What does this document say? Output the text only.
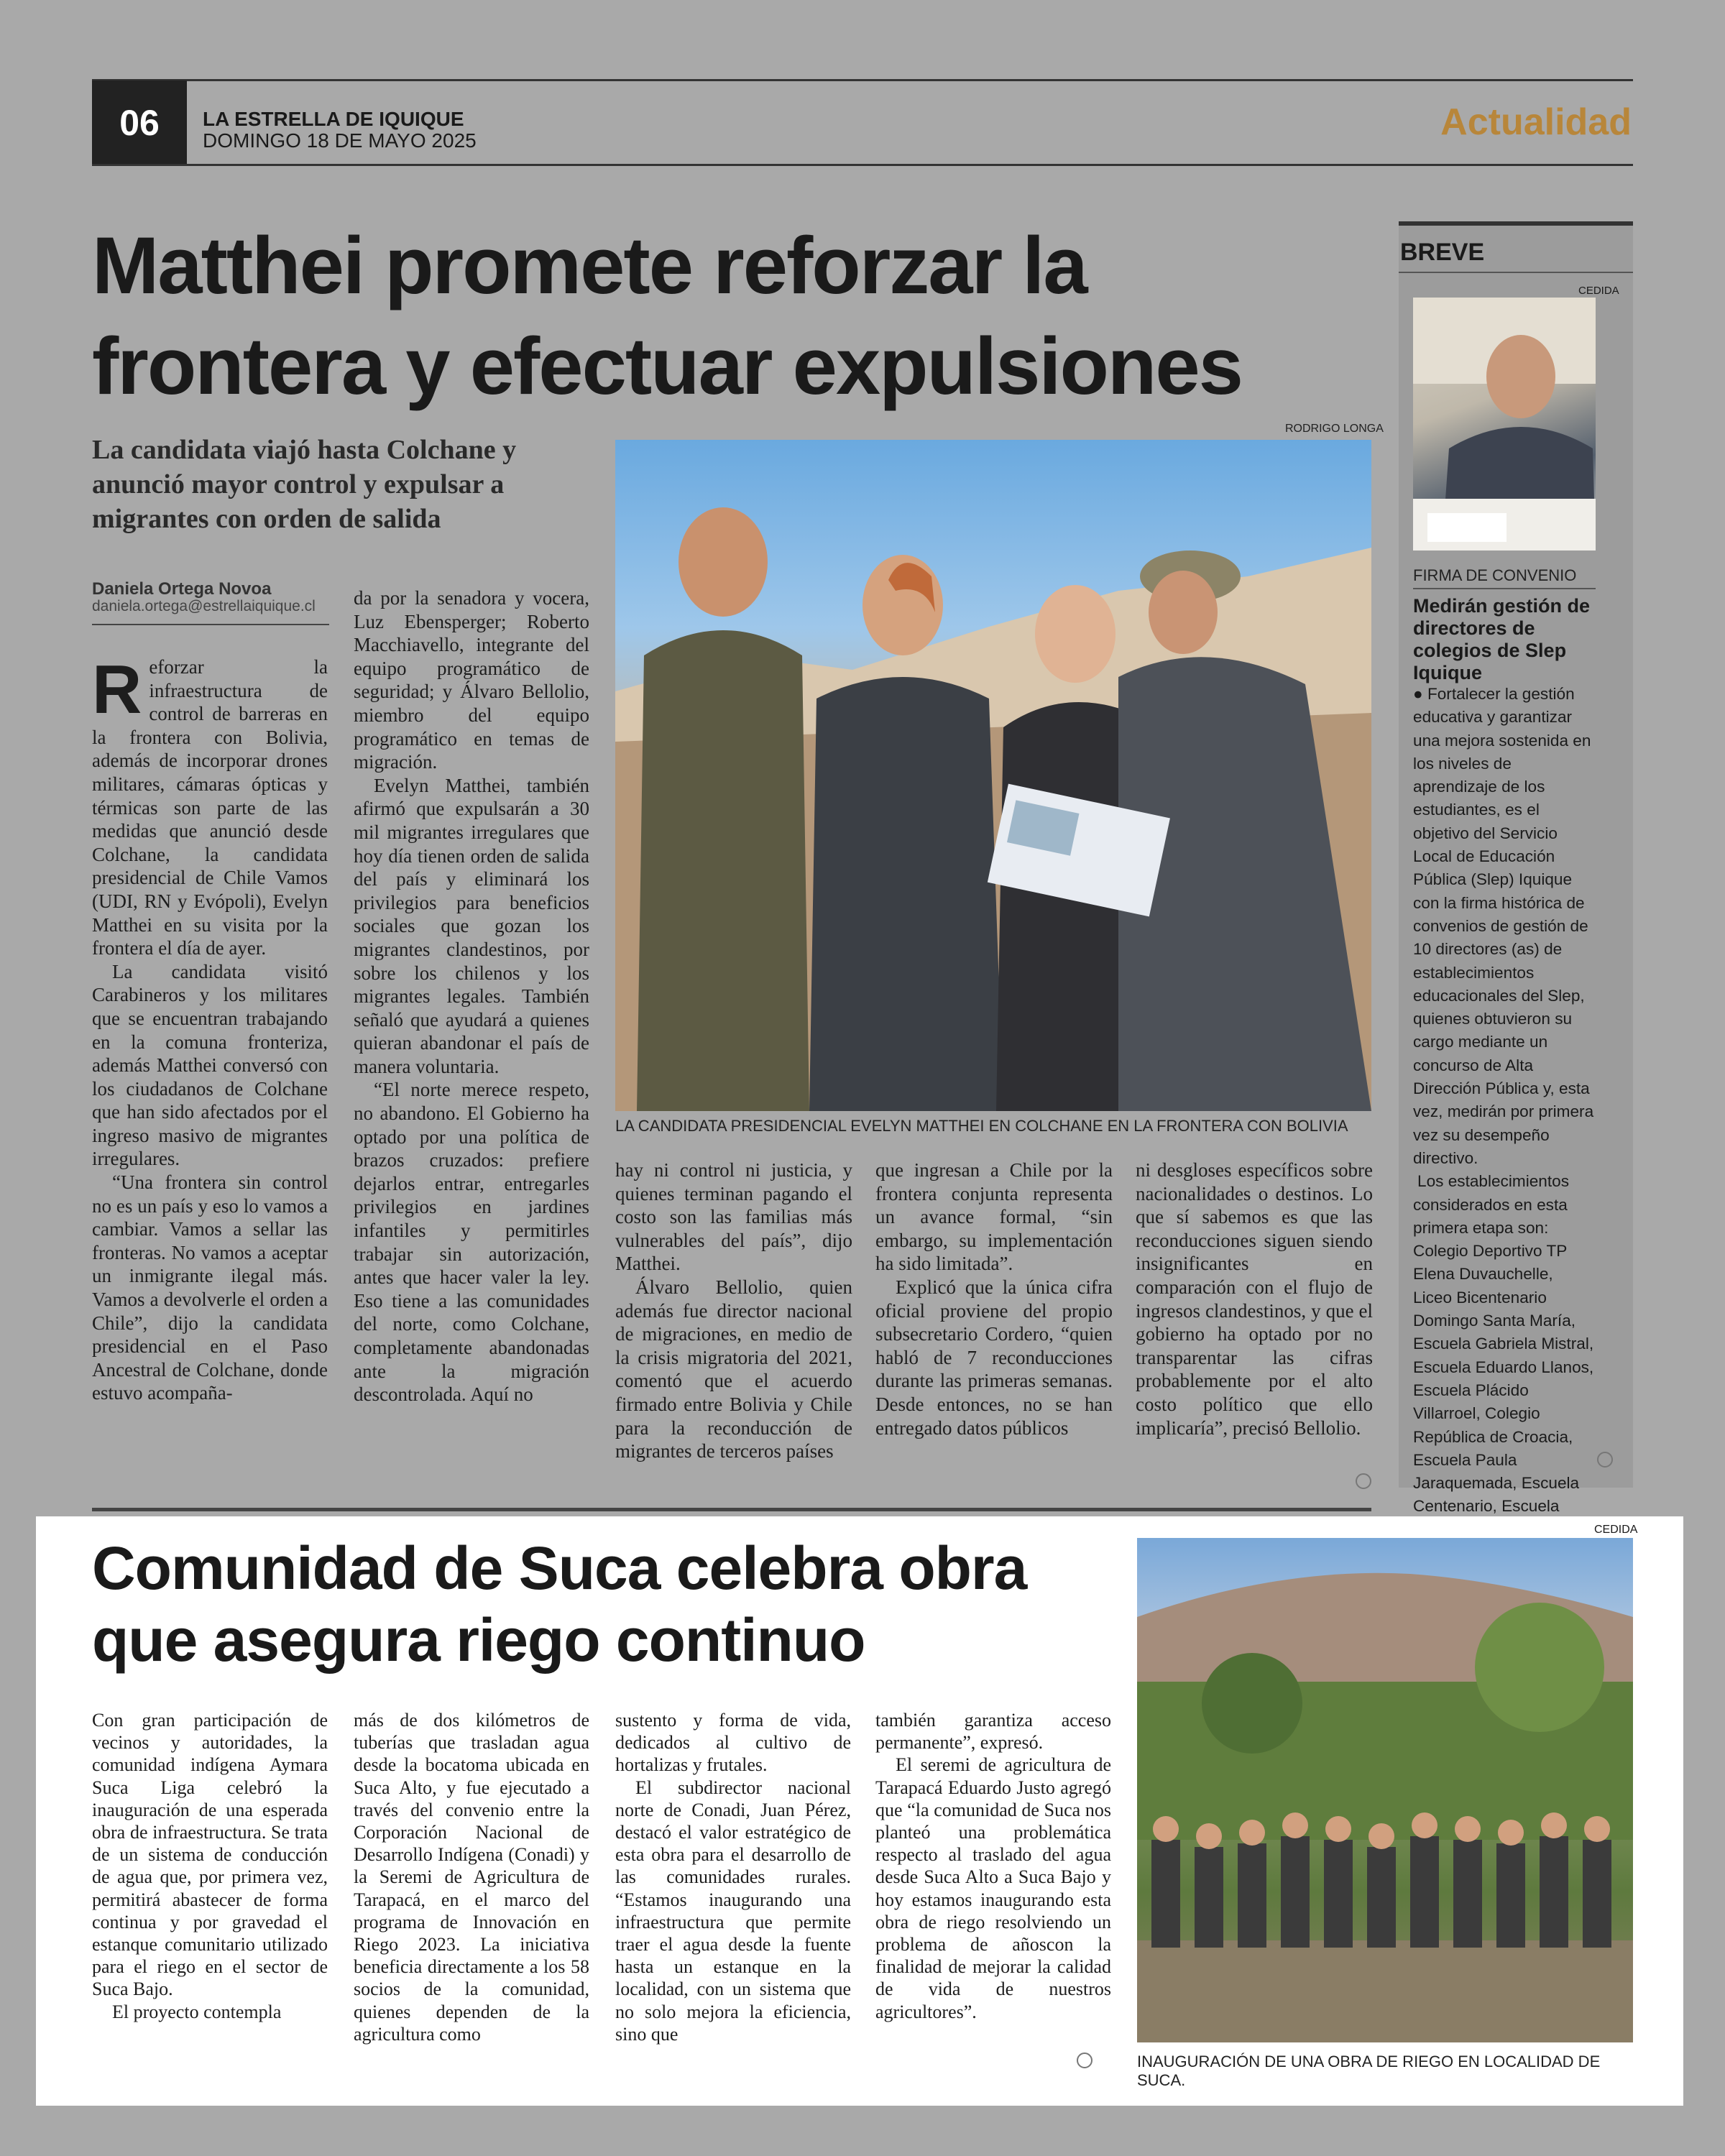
06	LA ESTRELLA DE IQUIQUE
DOMINGO 18 DE MAYO 2025	Actualidad
Matthei promete reforzar la
frontera y efectuar expulsiones
La candidata viajó hasta Colchane y anunció mayor control y expulsar a migrantes con orden de salida
Daniela Ortega Novoa
daniela.ortega@estrellaiquique.cl

Reforzar la infraestructura de control de barreras en la frontera con Bolivia, además de incorporar drones militares, cámaras ópticas y térmicas son parte de las medidas que anunció desde Colchane, la candidata presidencial de Chile Vamos (UDI, RN y Evópoli), Evelyn Matthei en su visita por la frontera el día de ayer.

La candidata visitó Carabineros y los militares que se encuentran trabajando en la comuna fronteriza, además Matthei conversó con los ciudadanos de Colchane que han sido afectados por el ingreso masivo de migrantes irregulares.

“Una frontera sin control no es un país y eso lo vamos a cambiar. Vamos a sellar las fronteras. No vamos a aceptar un inmigrante ilegal más. Vamos a devolverle el orden a Chile”, dijo la candidata presidencial en el Paso Ancestral de Colchane, donde estuvo acompaña-

da por la senadora y vocera, Luz Ebensperger; Roberto Macchiavello, integrante del equipo programático de seguridad; y Álvaro Bellolio, miembro del equipo programático en temas de migración.

Evelyn Matthei, también afirmó que expulsarán a 30 mil migrantes irregulares que hoy día tienen orden de salida del país y eliminará los privilegios para beneficios sociales que gozan los migrantes clandestinos, por sobre los chilenos y los migrantes legales. También señaló que ayudará a quienes quieran abandonar el país de manera voluntaria.

“El norte merece respeto, no abandono. El Gobierno ha optado por una política de brazos cruzados: prefiere dejarlos entrar, entregarles privilegios en jardines infantiles y permitirles trabajar sin autorización, antes que hacer valer la ley. Eso tiene a las comunidades del norte, como Colchane, completamente abandonadas ante la migración descontrolada. Aquí no

RODRIGO LONGA
LA CANDIDATA PRESIDENCIAL EVELYN MATTHEI EN COLCHANE EN LA FRONTERA CON BOLIVIA

hay ni control ni justicia, y quienes terminan pagando el costo son las familias más vulnerables del país”, dijo Matthei.

Álvaro Bellolio, quien además fue director nacional de migraciones, en medio de la crisis migratoria del 2021, comentó que el acuerdo firmado entre Bolivia y Chile para la reconducción de migrantes de terceros países

que ingresan a Chile por la frontera conjunta representa un avance formal, “sin embargo, su implementación ha sido limitada”.

Explicó que la única cifra oficial proviene del propio subsecretario Cordero, “quien habló de 7 reconducciones durante las primeras semanas. Desde entonces, no se han entregado datos públicos

ni desgloses específicos sobre nacionalidades o destinos. Lo que sí sabemos es que las reconducciones siguen siendo insignificantes en comparación con el flujo de ingresos clandestinos, y que el gobierno ha optado por no transparentar las cifras probablemente por el alto costo político que ello implicaría”, precisó Bellolio.

BREVE
CEDIDA
FIRMA DE CONVENIO
Medirán gestión de directores de colegios de Slep Iquique

● Fortalecer la gestión educativa y garantizar una mejora sostenida en los niveles de aprendizaje de los estudiantes, es el objetivo del Servicio Local de Educación Pública (Slep) Iquique con la firma histórica de convenios de gestión de 10 directores (as) de establecimientos educacionales del Slep, quienes obtuvieron su cargo mediante un concurso de Alta Dirección Pública y, esta vez, medirán por primera vez su desempeño directivo.

Los establecimientos considerados en esta primera etapa son: Colegio Deportivo TP Elena Duvauchelle, Liceo Bicentenario Domingo Santa María, Escuela Gabriela Mistral, Escuela Eduardo Llanos, Escuela Plácido Villarroel, Colegio República de Croacia, Escuela Paula Jaraquemada, Escuela Centenario, Escuela

CEDIDA
Comunidad de Suca celebra obra
que asegura riego continuo

Con gran participación de vecinos y autoridades, la comunidad indígena Aymara Suca Liga celebró la inauguración de una esperada obra de infraestructura. Se trata de un sistema de conducción de agua que, por primera vez, permitirá abastecer de forma continua y por gravedad el estanque comunitario utilizado para el riego en el sector de Suca Bajo.

El proyecto contempla

más de dos kilómetros de tuberías que trasladan agua desde la bocatoma ubicada en Suca Alto, y fue ejecutado a través del convenio entre la Corporación Nacional de Desarrollo Indígena (Conadi) y la Seremi de Agricultura de Tarapacá, en el marco del programa de Innovación en Riego 2023. La iniciativa beneficia directamente a los 58 socios de la comunidad, quienes dependen de la agricultura como

sustento y forma de vida, dedicados al cultivo de hortalizas y frutales.

El subdirector nacional norte de Conadi, Juan Pérez, destacó el valor estratégico de esta obra para el desarrollo de las comunidades rurales. “Estamos inaugurando una infraestructura que permite traer el agua desde la fuente hasta un estanque en la localidad, con un sistema que no solo mejora la eficiencia, sino que

también garantiza acceso permanente”, expresó.

El seremi de agricultura de Tarapacá Eduardo Justo agregó que “la comunidad de Suca nos planteó una problemática respecto al traslado del agua desde Suca Alto a Suca Bajo y hoy estamos inaugurando esta obra de riego resolviendo un problema de añoscon la finalidad de mejorar la calidad de vida de nuestros agricultores”.

INAUGURACIÓN DE UNA OBRA DE RIEGO EN LOCALIDAD DE SUCA.
